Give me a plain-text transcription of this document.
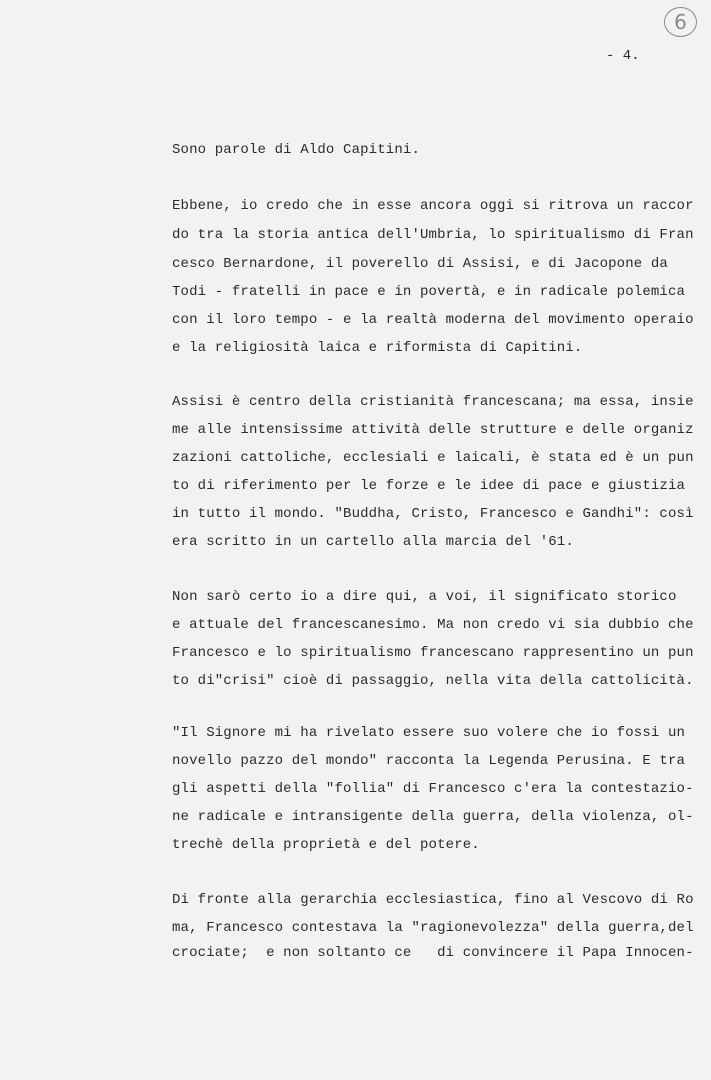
6
- 4.
Sono parole di Aldo Capitini.
Ebbene, io credo che in esse ancora oggi si ritrova un raccor
do tra la storia antica dell'Umbria, lo spiritualismo di Fran
cesco Bernardone, il poverello di Assisi, e di Jacopone da
Todi - fratelli in pace e in povertà, e in radicale polemica
con il loro tempo - e la realtà moderna del movimento operaio
e la religiosità laica e riformista di Capitini.
Assisi è centro della cristianità francescana; ma essa, insie
me alle intensissime attività delle strutture e delle organiz
zazioni cattoliche, ecclesiali e laicali, è stata ed è un pun
to di riferimento per le forze e le idee di pace e giustizia
in tutto il mondo. "Buddha, Cristo, Francesco e Gandhi": così
era scritto in un cartello alla marcia del '61.
Non sarò certo io a dire qui, a voi, il significato storico
e attuale del francescanesimo. Ma non credo vi sia dubbio che
Francesco e lo spiritualismo francescano rappresentino un pun
to di"crisi" cioè di passaggio, nella vita della cattolicità.
"Il Signore mi ha rivelato essere suo volere che io fossi un
novello pazzo del mondo" racconta la Legenda Perusina. E tra
gli aspetti della "follia" di Francesco c'era la contestazio-
ne radicale e intransigente della guerra, della violenza, ol-
trechè della proprietà e del potere.
Di fronte alla gerarchia ecclesiastica, fino al Vescovo di Ro
ma, Francesco contestava la "ragionevolezza" della guerra,del
crociate;  e non soltanto ce   di convincere il Papa Innocen-
